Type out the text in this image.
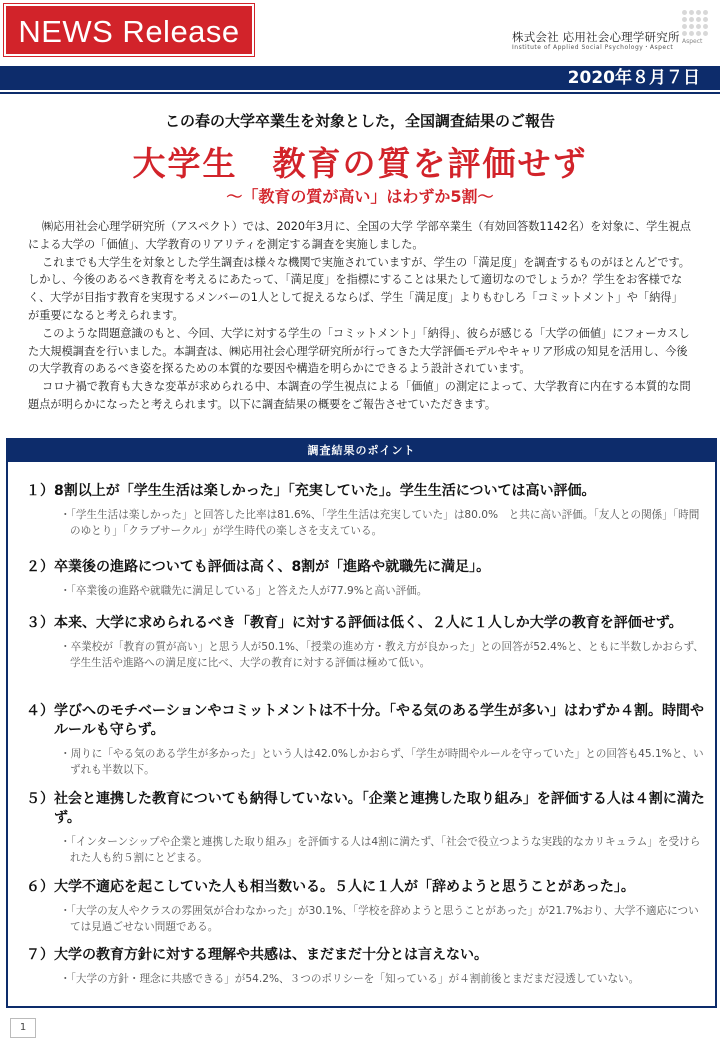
NEWS Release	株式会社 応用社会心理学研究所
Institute of Applied Social Psychology・Aspect
Aspect
2020年８月７日
この春の大学卒業生を対象とした，全国調査結果のご報告
大学生　教育の質を評価せず
～「教育の質が高い」はわずか5割～

㈱応用社会心理学研究所（アスペクト）では、2020年3月に、全国の大学 学部卒業生（有効回答数1142名）を対象に、学生視点による大学の「価値」、大学教育のリアリティを測定する調査を実施しました。

これまでも大学生を対象とした学生調査は様々な機関で実施されていますが、学生の「満足度」を調査するものがほとんどです。しかし、今後のあるべき教育を考えるにあたって、「満足度」を指標にすることは果たして適切なのでしょうか？学生をお客様でなく、大学が目指す教育を実現するメンバーの1人として捉えるならば、学生「満足度」よりもむしろ「コミットメント」や「納得」が重要になると考えられます。

このような問題意識のもと、今回、大学に対する学生の「コミットメント」「納得」、彼らが感じる「大学の価値」にフォーカスした大規模調査を行いました。本調査は、㈱応用社会心理学研究所が行ってきた大学評価モデルやキャリア形成の知見を活用し、今後の大学教育のあるべき姿を探るための本質的な要因や構造を明らかにできるよう設計されています。

コロナ禍で教育も大きな変革が求められる中、本調査の学生視点による「価値」の測定によって、大学教育に内在する本質的な問題点が明らかになったと考えられます。以下に調査結果の概要をご報告させていただきます。

調査結果のポイント
１）8割以上が「学生生活は楽しかった」「充実していた」。学生生活については高い評価。
・「学生生活は楽しかった」と回答した比率は81.6%、「学生生活は充実していた」は80.0%　と共に高い評価。「友人との関係」「時間のゆとり」「クラブサークル」が学生時代の楽しさを支えている。
２）卒業後の進路についても評価は高く、8割が「進路や就職先に満足」。
・「卒業後の進路や就職先に満足している」と答えた人が77.9%と高い評価。
３）本来、大学に求められるべき「教育」に対する評価は低く、２人に１人しか大学の教育を評価せず。
・卒業校が「教育の質が高い」と思う人が50.1%、「授業の進め方・教え方が良かった」との回答が52.4%と、ともに半数しかおらず、学生生活や進路への満足度に比べ、大学の教育に対する評価は極めて低い。
４）学びへのモチベーションやコミットメントは不十分。「やる気のある学生が多い」はわずか４割。時間やルールも守らず。
・周りに「やる気のある学生が多かった」という人は42.0%しかおらず、「学生が時間やルールを守っていた」との回答も45.1%と、いずれも半数以下。
５）社会と連携した教育についても納得していない。「企業と連携した取り組み」を評価する人は４割に満たず。
・「インターンシップや企業と連携した取り組み」を評価する人は4割に満たず、「社会で役立つような実践的なカリキュラム」を受けられた人も約５割にとどまる。
６）大学不適応を起こしていた人も相当数いる。５人に１人が「辞めようと思うことがあった」。
・「大学の友人やクラスの雰囲気が合わなかった」が30.1%、「学校を辞めようと思うことがあった」が21.7%おり、大学不適応については見過ごせない問題である。
７）大学の教育方針に対する理解や共感は、まだまだ十分とは言えない。
・「大学の方針・理念に共感できる」が54.2%、３つのポリシーを「知っている」が４割前後とまだまだ浸透していない。
1
